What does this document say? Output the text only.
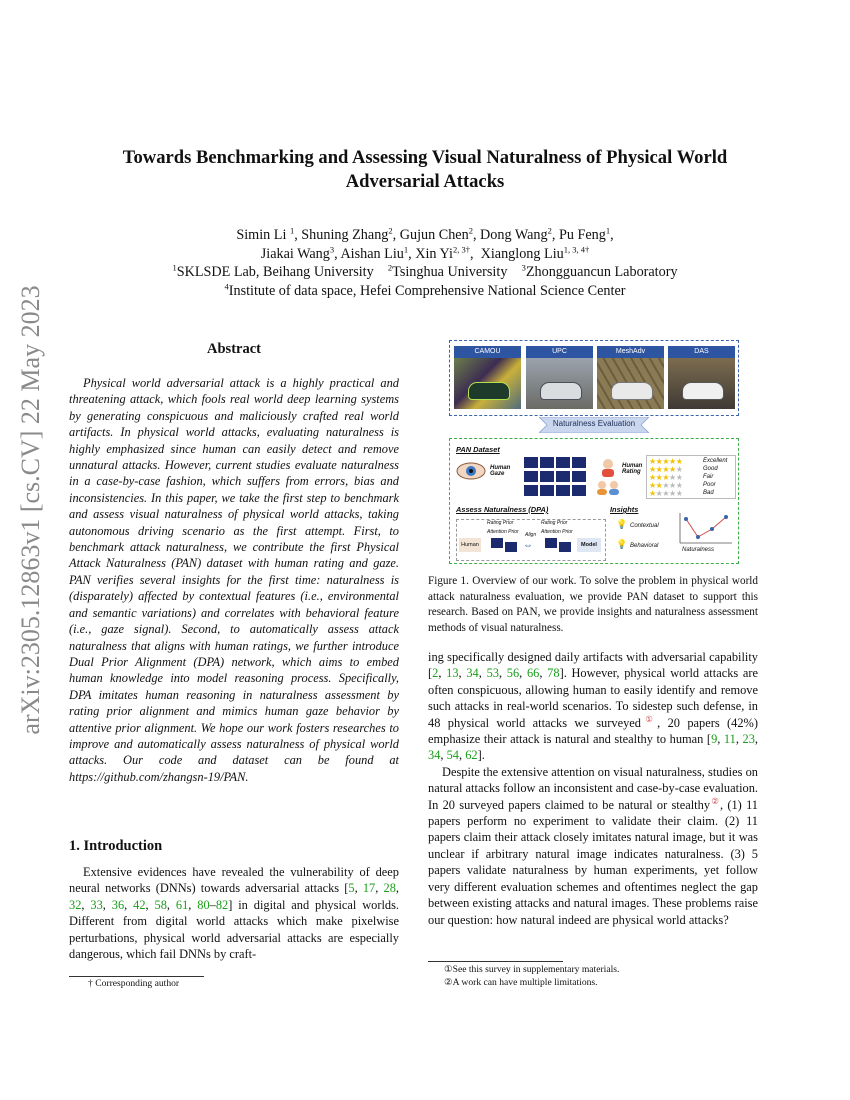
arXiv:2305.12863v1 [cs.CV] 22 May 2023
Towards Benchmarking and Assessing Visual Naturalness of Physical World
Adversarial Attacks
Simin Li $^1$, Shuning Zhang$^2$, Gujun Chen$^2$, Dong Wang$^2$, Pu Feng$^1$,
Jiakai Wang$^3$, Aishan Liu$^1$, Xin $Yi^{2, 3\dagger}$,  Xianglong Liu$^{1, 3, 4\dagger}$
$^1$SKLSDE Lab, Beihang University $^2$Tsinghua University $^3$Zhongguancun Laboratory
$^4$Institute of data space, Hefei Comprehensive National Science Center
Abstract
Physical world adversarial attack is a highly practical and threatening attack, which fools real world deep learning systems by generating conspicuous and maliciously crafted real world artifacts. In physical world attacks, evaluating naturalness is highly emphasized since human can easily detect and remove unnatural attacks. However, current studies evaluate naturalness in a case-by-case fashion, which suffers from errors, bias and inconsistencies. In this paper, we take the first step to benchmark and assess visual naturalness of physical world attacks, taking autonomous driving scenario as the first attempt. First, to benchmark attack naturalness, we contribute the first Physical Attack Naturalness (PAN) dataset with human rating and gaze. PAN verifies several insights for the first time: naturalness is (disparately) affected by contextual features (i.e., environmental and semantic variations) and correlates with behavioral feature (i.e., gaze signal). Second, to automatically assess attack naturalness that aligns with human ratings, we further introduce Dual Prior Alignment (DPA) network, which aims to embed human knowledge into model reasoning process. Specifically, DPA imitates human reasoning in naturalness assessment by rating prior alignment and mimics human gaze behavior by attentive prior alignment. We hope our work fosters researches to improve and automatically assess naturalness of physical world attacks. Our code and dataset can be found at https://github.com/zhangsn-19/PAN.
1. Introduction
Extensive evidences have revealed the vulnerability of deep neural networks (DNNs) towards adversarial attacks [5, 17, 28, 32, 33, 36, 42, 58, 61, 80–82] in digital and physical worlds. Different from digital world attacks which make pixelwise perturbations, physical world adversarial attacks are especially dangerous, which fail DNNs by craft-
† Corresponding author
CAMOU	UPC	MeshAdv	DAS
Naturalness Evaluation
PAN Dataset
Human
Gaze
Human
Rating
★★★★★	Excellent
★★★★★	Good
★★★★★	Fair
★★★★★	Poor
★★★★★	Bad
Assess Naturalness (DPA)
Human
Rating Prior
Attention Prior Align
⇔
Rating Prior
Attention Prior
Model
Insights
💡 Contextual
💡 Behavioral
Naturalness
Figure 1. Overview of our work. To solve the problem in physical world attack naturalness evaluation, we provide PAN dataset to support this research. Based on PAN, we provide insights and naturalness assessment methods of visual naturalness.

ing specifically designed daily artifacts with adversarial capability [2, 13, 34, 53, 56, 66, 78]. However, physical world attacks are often conspicuous, allowing human to easily identify and remove such attacks in real-world scenarios. To sidestep such defense, in 48 physical world attacks we surveyed①, 20 papers (42%) emphasize their attack is natural and stealthy to human [9, 11, 23, 34, 54, 62].

Despite the extensive attention on visual naturalness, studies on natural attacks follow an inconsistent and case-by-case evaluation. In 20 surveyed papers claimed to be natural or stealthy②, (1) 11 papers perform no experiment to validate their claim. (2) 11 papers claim their attack closely imitates natural image, but it was unclear if arbitrary natural image indicates naturalness. (3) 5 papers validate naturalness by human experiments, yet follow very different evaluation schemes and oftentimes neglect the gap between existing attacks and natural images. These problems raise our question: how natural indeed are physical world attacks?

①See this survey in supplementary materials.
②A work can have multiple limitations.
